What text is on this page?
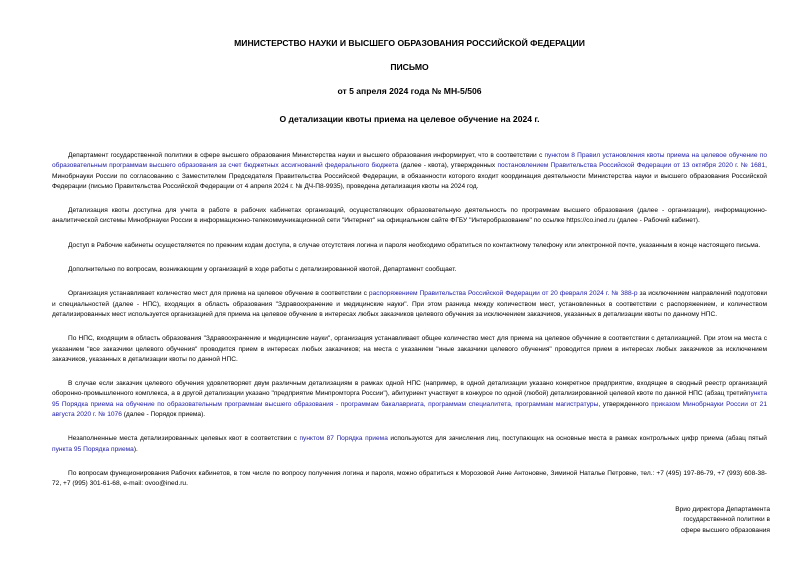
МИНИСТЕРСТВО НАУКИ И ВЫСШЕГО ОБРАЗОВАНИЯ РОССИЙСКОЙ ФЕДЕРАЦИИ
ПИСЬМО
от 5 апреля 2024 года № МН-5/506
О детализации квоты приема на целевое обучение на 2024 г.

Департамент государственной политики в сфере высшего образования Министерства науки и высшего образования информирует, что в соответствии с пунктом 8 Правил установления квоты приема на целевое обучение по образовательным программам высшего образования за счет бюджетных ассигнований федерального бюджета (далее - квота), утвержденных постановлением Правительства Российской Федерации от 13 октября 2020 г. № 1681, Минобрнауки России по согласованию с Заместителем Председателя Правительства Российской Федерации, в обязанности которого входит координация деятельности Министерства науки и высшего образования Российской Федерации (письмо Правительства Российской Федерации от 4 апреля 2024 г. № ДЧ-П8-9935), проведена детализация квоты на 2024 год.

Детализация квоты доступна для учета в работе в рабочих кабинетах организаций, осуществляющих образовательную деятельность по программам высшего образования (далее - организации), информационно-аналитической системы Минобрнауки России в информационно-телекоммуникационной сети "Интернет" на официальном сайте ФГБУ "Интеробразование" по ссылке https://co.ined.ru (далее - Рабочий кабинет).

Доступ в Рабочие кабинеты осуществляется по прежним кодам доступа, в случае отсутствия логина и пароля необходимо обратиться по контактному телефону или электронной почте, указанным в конце настоящего письма.

Дополнительно по вопросам, возникающим у организаций в ходе работы с детализированной квотой, Департамент сообщает.

Организация устанавливает количество мест для приема на целевое обучение в соответствии с распоряжением Правительства Российской Федерации от 20 февраля 2024 г. № 388-р за исключением направлений подготовки и специальностей (далее - НПС), входящих в область образования "Здравоохранение и медицинские науки". При этом разница между количеством мест, установленных в соответствии с распоряжением, и количеством детализированных мест используется организацией для приема на целевое обучение в интересах любых заказчиков целевого обучения за исключением заказчиков, указанных в детализации квоты по данному НПС.

По НПС, входящим в область образования "Здравоохранение и медицинские науки", организация устанавливает общее количество мест для приема на целевое обучение в соответствии с детализацией. При этом на места с указанием "все заказчики целевого обучения" проводится прием в интересах любых заказчиков; на места с указанием "иные заказчики целевого обучения" проводится прием в интересах любых заказчиков за исключением заказчиков, указанных в детализации квоты по данной НПС.

В случае если заказчик целевого обучения удовлетворяет двум различным детализациям в рамках одной НПС (например, в одной детализации указано конкретное предприятие, входящее в сводный реестр организаций оборонно-промышленного комплекса, а в другой детализации указано "предприятие Минпромторга России"), абитуриент участвует в конкурсе по одной (любой) детализированной целевой квоте по данной НПС (абзац третийпункта 95 Порядка приема на обучение по образовательным программам высшего образования - программам бакалавриата, программам специалитета, программам магистратуры, утвержденного приказом Минобрнауки России от 21 августа 2020 г. № 1076 (далее - Порядок приема).

Незаполненные места детализированных целевых квот в соответствии с пунктом 87 Порядка приема используются для зачисления лиц, поступающих на основные места в рамках контрольных цифр приема (абзац пятый пункта 95 Порядка приема).

По вопросам функционирования Рабочих кабинетов, в том числе по вопросу получения логина и пароля, можно обратиться к Морозовой Анне Антоновне, Зиминой Наталье Петровне, тел.: +7 (495) 197-86-79, +7 (993) 608-38-72, +7 (995) 301-61-68, e-mail: ovoo@ined.ru.

Врио директора Департамента
государственной политики в
сфере высшего образования
